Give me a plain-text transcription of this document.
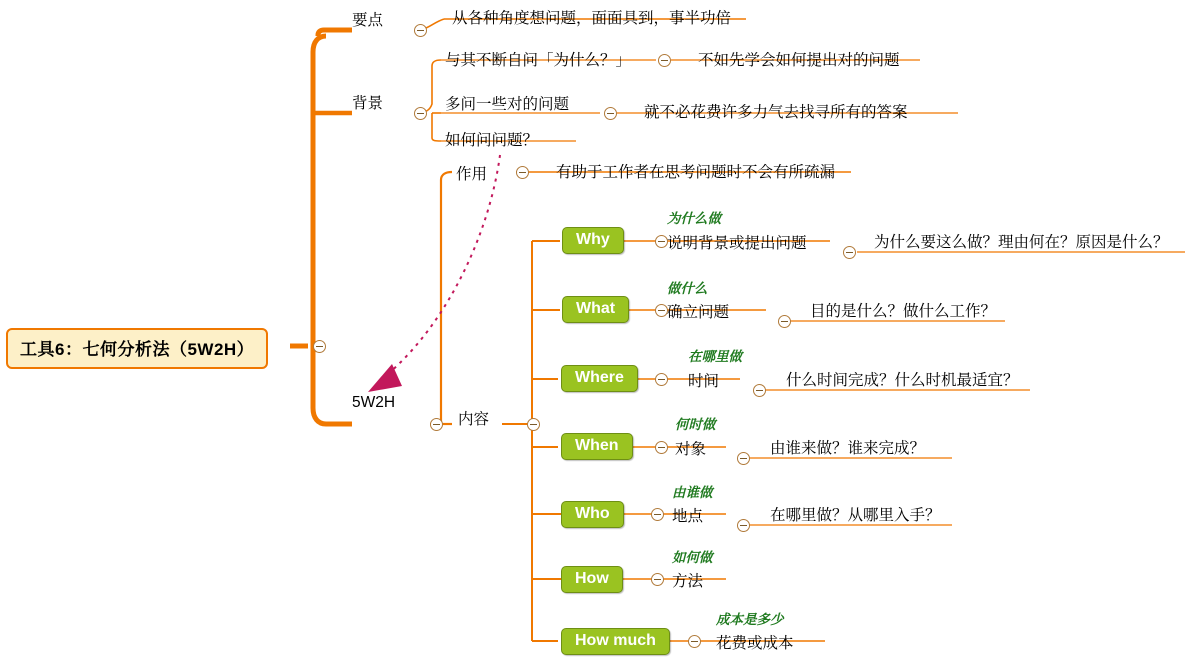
工具6：七何分析法（5W2H）
要点	从各种角度想问题，面面具到，事半功倍
背景
与其不断自问「为什么？」	不如先学会如何提出对的问题
多问一些对的问题	就不必花费许多力气去找寻所有的答案
如何问问题？
5W2H
作用	有助于工作者在思考问题时不会有所疏漏
内容
Why
为什么做
说明背景或提出问题	为什么要这么做？理由何在？原因是什么？
What
做什么
确立问题	目的是什么？做什么工作？
Where
在哪里做
时间	什么时间完成？什么时机最适宜？
When
何时做
对象	由谁来做？谁来完成？
Who
由谁做
地点	在哪里做？从哪里入手？
How
如何做
方法
How much
成本是多少
花费或成本
